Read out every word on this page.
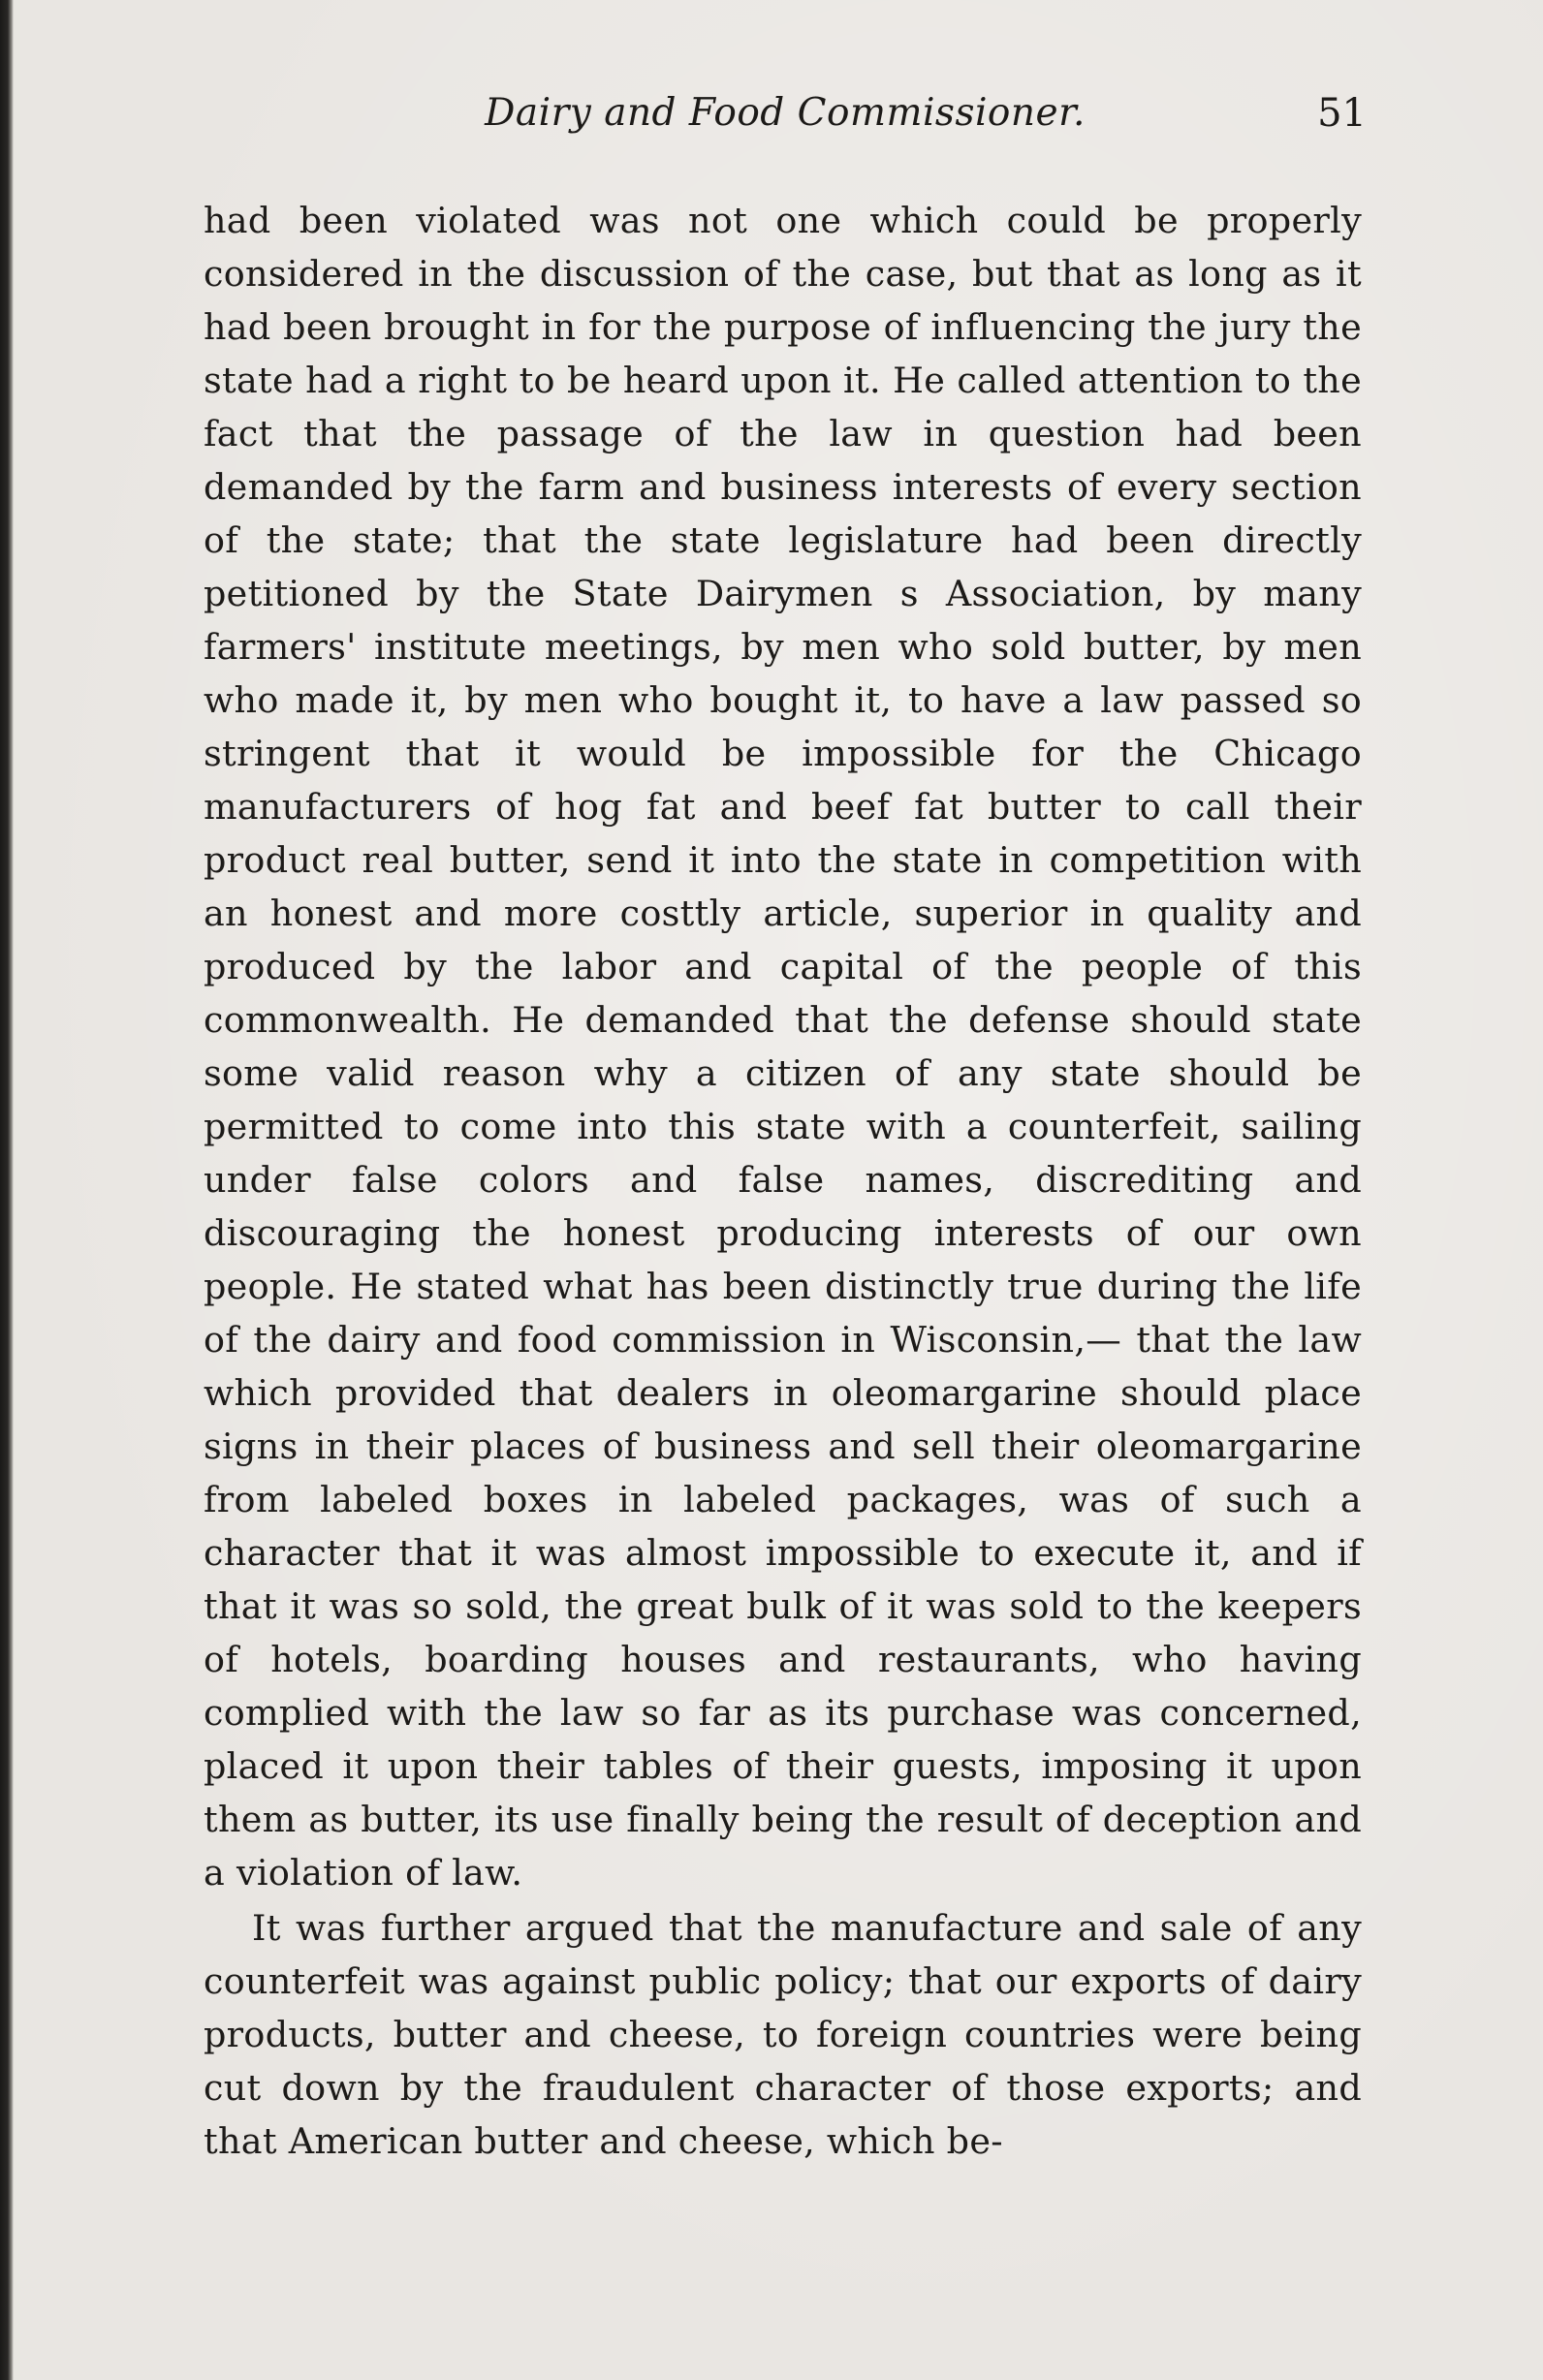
Dairy and Food Commissioner.	51

had been violated was not one which could be properly considered in the discussion of the case, but that as long as it had been brought in for the purpose of influencing the jury the state had a right to be heard upon it. He called attention to the fact that the passage of the law in question had been demanded by the farm and business interests of every section of the state; that the state legislature had been directly petitioned by the State Dairymen s Association, by many farmers' institute meetings, by men who sold butter, by men who made it, by men who bought it, to have a law passed so stringent that it would be impossible for the Chicago manufacturers of hog fat and beef fat butter to call their product real butter, send it into the state in competition with an honest and more costtly article, superior in quality and produced by the labor and capital of the people of this commonwealth. He demanded that the defense should state some valid reason why a citizen of any state should be permitted to come into this state with a counterfeit, sailing under false colors and false names, discrediting and discouraging the honest producing interests of our own people. He stated what has been distinctly true during the life of the dairy and food commission in Wisconsin,— that the law which provided that dealers in oleomargarine should place signs in their places of business and sell their oleomargarine from labeled boxes in labeled packages, was of such a character that it was almost impossible to execute it, and if that it was so sold, the great bulk of it was sold to the keepers of hotels, boarding houses and restaurants, who having complied with the law so far as its purchase was concerned, placed it upon their tables of their guests, imposing it upon them as butter, its use finally being the result of deception and a violation of law.

It was further argued that the manufacture and sale of any counterfeit was against public policy; that our exports of dairy products, butter and cheese, to foreign countries were being cut down by the fraudulent character of those exports; and that American butter and cheese, which be-
